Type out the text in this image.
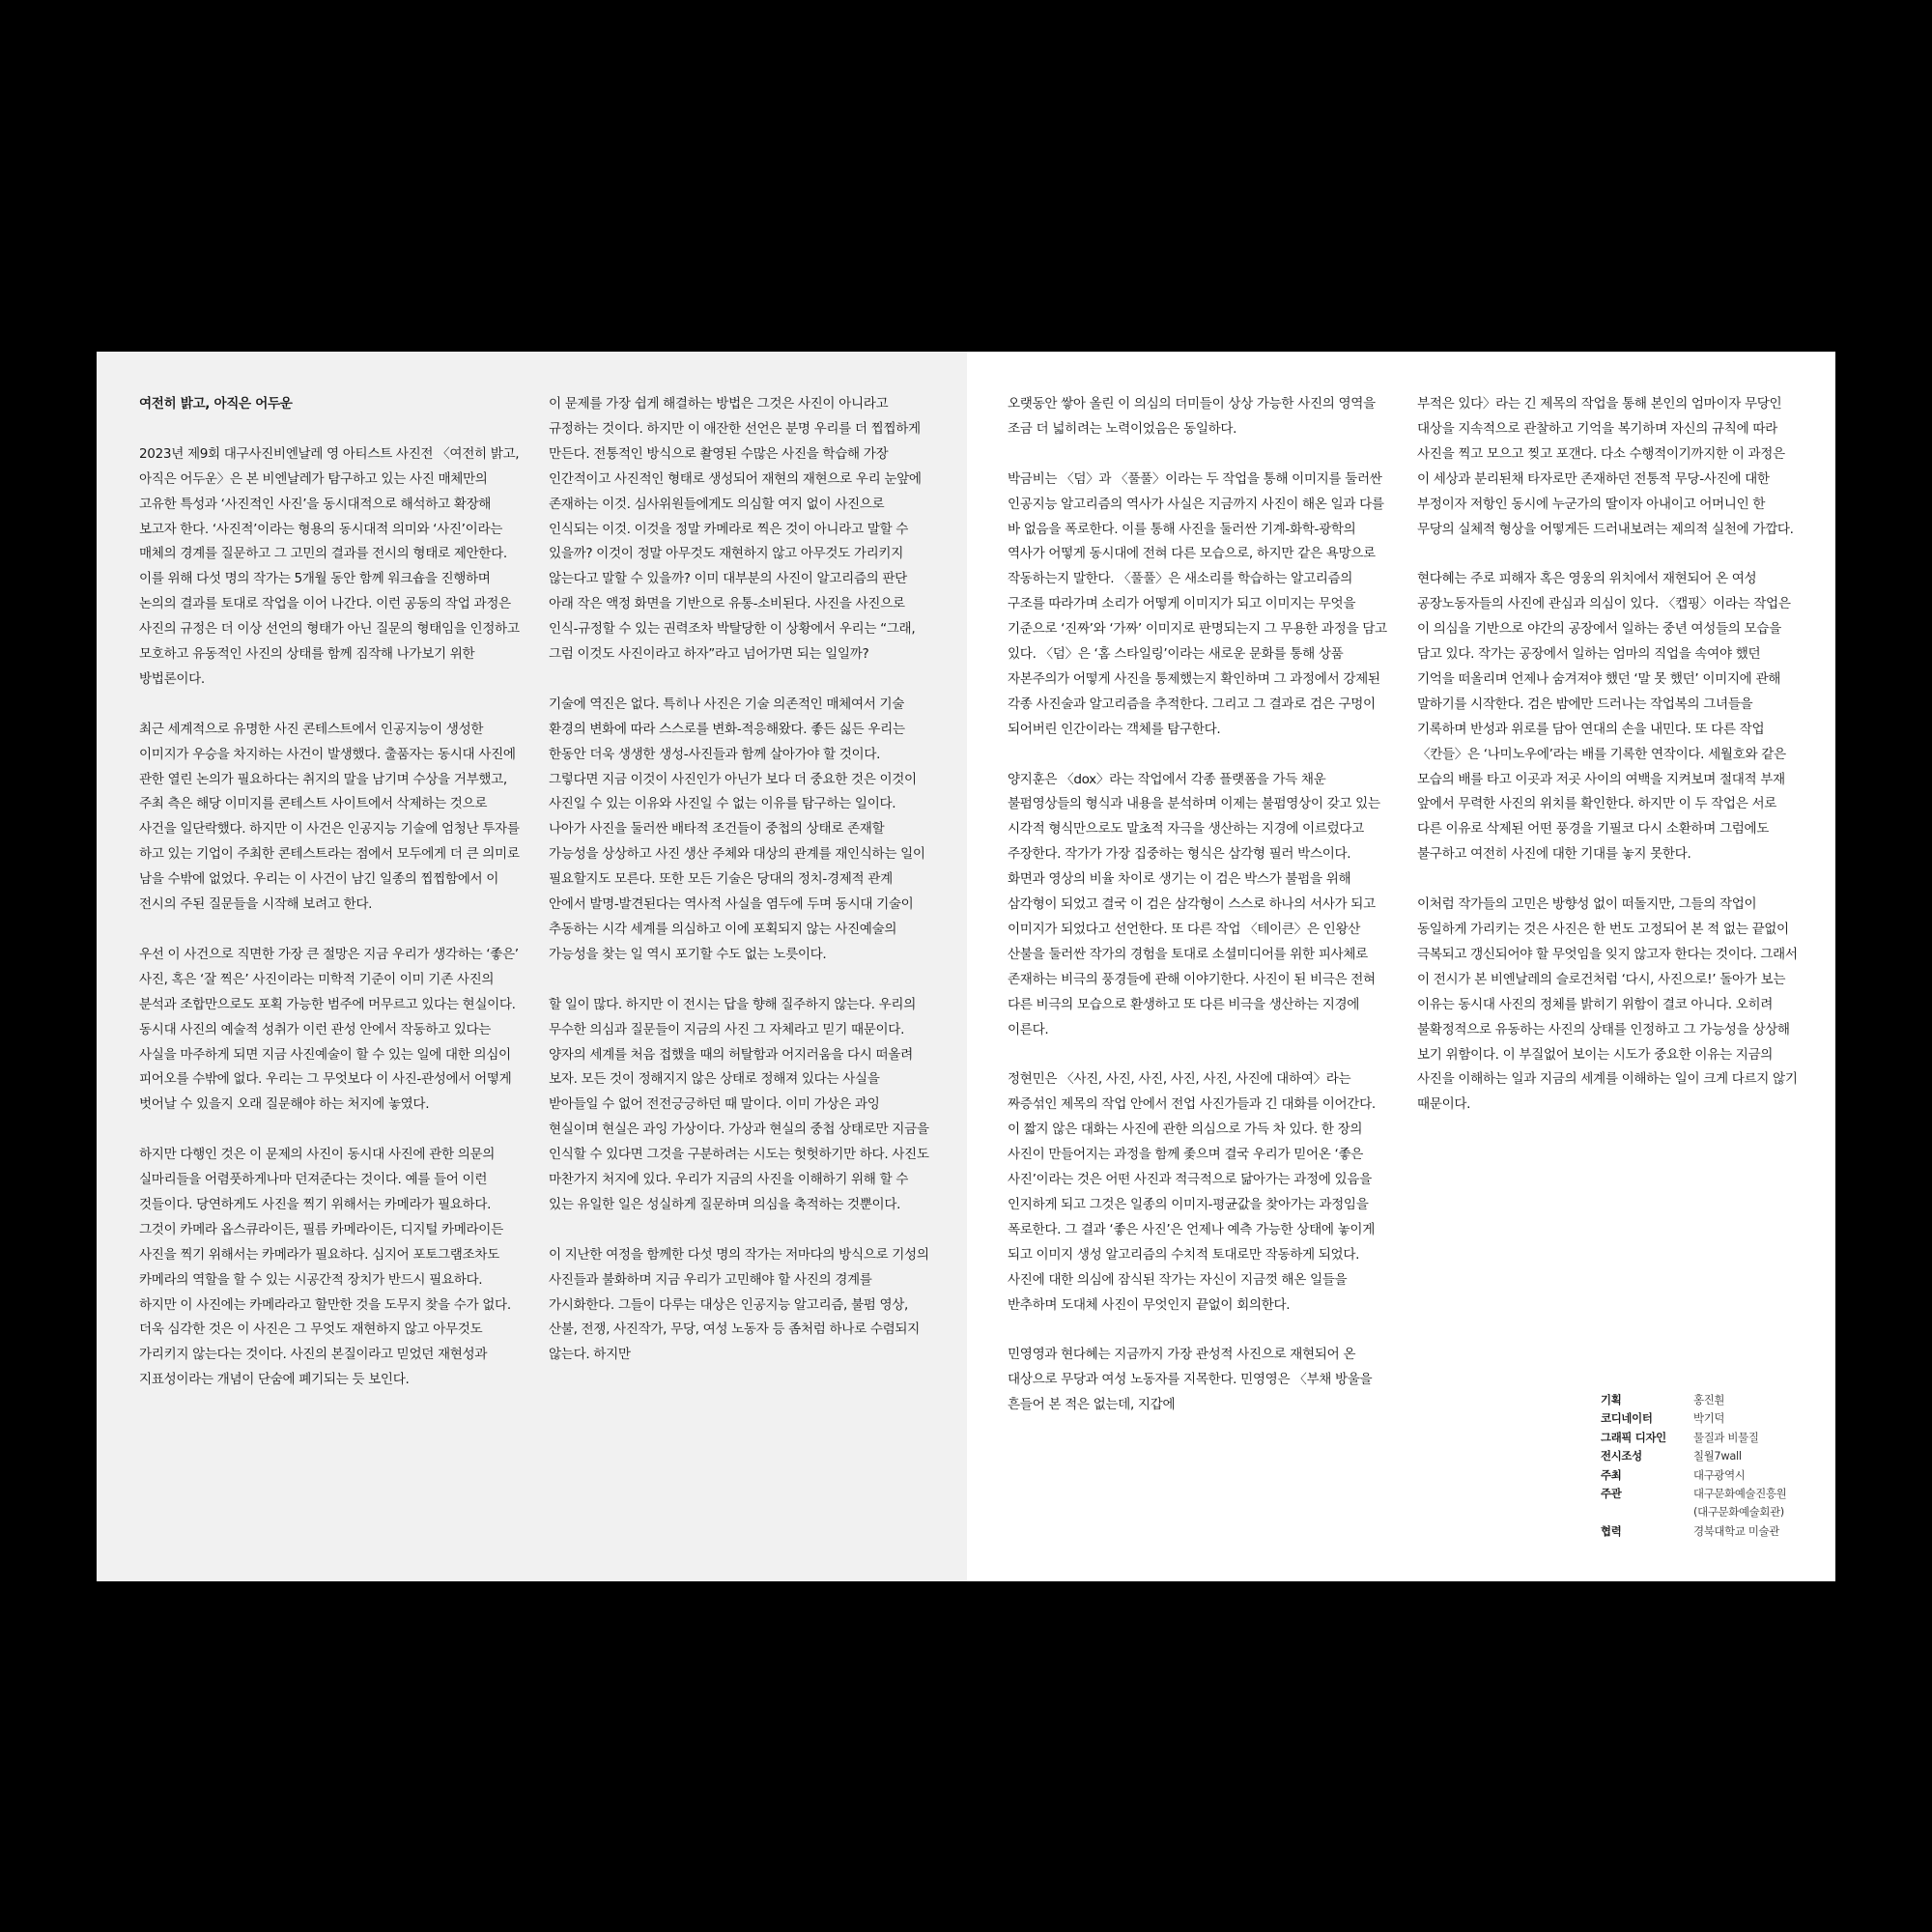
여전히 밝고, 아직은 어두운

2023년 제9회 대구사진비엔날레 영 아티스트 사진전 〈여전히 밝고, 아직은 어두운〉은 본 비엔날레가 탐구하고 있는 사진 매체만의 고유한 특성과 ‘사진적인 사진’을 동시대적으로 해석하고 확장해 보고자 한다. ‘사진적’이라는 형용의 동시대적 의미와 ‘사진’이라는 매체의 경계를 질문하고 그 고민의 결과를 전시의 형태로 제안한다. 이를 위해 다섯 명의 작가는 5개월 동안 함께 워크숍을 진행하며 논의의 결과를 토대로 작업을 이어 나간다. 이런 공동의 작업 과정은 사진의 규정은 더 이상 선언의 형태가 아닌 질문의 형태임을 인정하고 모호하고 유동적인 사진의 상태를 함께 짐작해 나가보기 위한 방법론이다.

최근 세계적으로 유명한 사진 콘테스트에서 인공지능이 생성한 이미지가 우승을 차지하는 사건이 발생했다. 출품자는 동시대 사진에 관한 열린 논의가 필요하다는 취지의 말을 남기며 수상을 거부했고, 주최 측은 해당 이미지를 콘테스트 사이트에서 삭제하는 것으로 사건을 일단락했다. 하지만 이 사건은 인공지능 기술에 엄청난 투자를 하고 있는 기업이 주최한 콘테스트라는 점에서 모두에게 더 큰 의미로 남을 수밖에 없었다. 우리는 이 사건이 남긴 일종의 찝찝함에서 이 전시의 주된 질문들을 시작해 보려고 한다.

우선 이 사건으로 직면한 가장 큰 절망은 지금 우리가 생각하는 ‘좋은’ 사진, 혹은 ‘잘 찍은’ 사진이라는 미학적 기준이 이미 기존 사진의 분석과 조합만으로도 포획 가능한 범주에 머무르고 있다는 현실이다. 동시대 사진의 예술적 성취가 이런 관성 안에서 작동하고 있다는 사실을 마주하게 되면 지금 사진예술이 할 수 있는 일에 대한 의심이 피어오를 수밖에 없다. 우리는 그 무엇보다 이 사진-관성에서 어떻게 벗어날 수 있을지 오래 질문해야 하는 처지에 놓였다.

하지만 다행인 것은 이 문제의 사진이 동시대 사진에 관한 의문의 실마리들을 어렴풋하게나마 던져준다는 것이다. 예를 들어 이런 것들이다. 당연하게도 사진을 찍기 위해서는 카메라가 필요하다. 그것이 카메라 옵스큐라이든, 필름 카메라이든, 디지털 카메라이든 사진을 찍기 위해서는 카메라가 필요하다. 심지어 포토그램조차도 카메라의 역할을 할 수 있는 시공간적 장치가 반드시 필요하다. 하지만 이 사진에는 카메라라고 할만한 것을 도무지 찾을 수가 없다. 더욱 심각한 것은 이 사진은 그 무엇도 재현하지 않고 아무것도 가리키지 않는다는 것이다. 사진의 본질이라고 믿었던 재현성과 지표성이라는 개념이 단숨에 폐기되는 듯 보인다.

이 문제를 가장 쉽게 해결하는 방법은 그것은 사진이 아니라고 규정하는 것이다. 하지만 이 애잔한 선언은 분명 우리를 더 찝찝하게 만든다. 전통적인 방식으로 촬영된 수많은 사진을 학습해 가장 인간적이고 사진적인 형태로 생성되어 재현의 재현으로 우리 눈앞에 존재하는 이것. 심사위원들에게도 의심할 여지 없이 사진으로 인식되는 이것. 이것을 정말 카메라로 찍은 것이 아니라고 말할 수 있을까? 이것이 정말 아무것도 재현하지 않고 아무것도 가리키지 않는다고 말할 수 있을까? 이미 대부분의 사진이 알고리즘의 판단 아래 작은 액정 화면을 기반으로 유통-소비된다. 사진을 사진으로 인식-규정할 수 있는 권력조차 박탈당한 이 상황에서 우리는 “그래, 그럼 이것도 사진이라고 하자”라고 넘어가면 되는 일일까?

기술에 역진은 없다. 특히나 사진은 기술 의존적인 매체여서 기술 환경의 변화에 따라 스스로를 변화-적응해왔다. 좋든 싫든 우리는 한동안 더욱 생생한 생성-사진들과 함께 살아가야 할 것이다. 그렇다면 지금 이것이 사진인가 아닌가 보다 더 중요한 것은 이것이 사진일 수 있는 이유와 사진일 수 없는 이유를 탐구하는 일이다. 나아가 사진을 둘러싼 배타적 조건들이 중첩의 상태로 존재할 가능성을 상상하고 사진 생산 주체와 대상의 관계를 재인식하는 일이 필요할지도 모른다. 또한 모든 기술은 당대의 정치-경제적 관계 안에서 발명-발견된다는 역사적 사실을 염두에 두며 동시대 기술이 추동하는 시각 세계를 의심하고 이에 포획되지 않는 사진예술의 가능성을 찾는 일 역시 포기할 수도 없는 노릇이다.

할 일이 많다. 하지만 이 전시는 답을 향해 질주하지 않는다. 우리의 무수한 의심과 질문들이 지금의 사진 그 자체라고 믿기 때문이다. 양자의 세계를 처음 접했을 때의 허탈함과 어지러움을 다시 떠올려 보자. 모든 것이 정해지지 않은 상태로 정해져 있다는 사실을 받아들일 수 없어 전전긍긍하던 때 말이다. 이미 가상은 과잉 현실이며 현실은 과잉 가상이다. 가상과 현실의 중첩 상태로만 지금을 인식할 수 있다면 그것을 구분하려는 시도는 헛헛하기만 하다. 사진도 마찬가지 처지에 있다. 우리가 지금의 사진을 이해하기 위해 할 수 있는 유일한 일은 성실하게 질문하며 의심을 축적하는 것뿐이다.

이 지난한 여정을 함께한 다섯 명의 작가는 저마다의 방식으로 기성의 사진들과 불화하며 지금 우리가 고민해야 할 사진의 경계를 가시화한다. 그들이 다루는 대상은 인공지능 알고리즘, 불펌 영상, 산불, 전쟁, 사진작가, 무당, 여성 노동자 등 좀처럼 하나로 수렴되지 않는다. 하지만

오랫동안 쌓아 올린 이 의심의 더미들이 상상 가능한 사진의 영역을 조금 더 넓히려는 노력이었음은 동일하다.

박금비는 〈덤〉과 〈풀풀〉이라는 두 작업을 통해 이미지를 둘러싼 인공지능 알고리즘의 역사가 사실은 지금까지 사진이 해온 일과 다를 바 없음을 폭로한다. 이를 통해 사진을 둘러싼 기계-화학-광학의 역사가 어떻게 동시대에 전혀 다른 모습으로, 하지만 같은 욕망으로 작동하는지 말한다. 〈풀풀〉은 새소리를 학습하는 알고리즘의 구조를 따라가며 소리가 어떻게 이미지가 되고 이미지는 무엇을 기준으로 ‘진짜’와 ‘가짜’ 이미지로 판명되는지 그 무용한 과정을 담고 있다. 〈덤〉은 ‘홈 스타일링’이라는 새로운 문화를 통해 상품 자본주의가 어떻게 사진을 통제했는지 확인하며 그 과정에서 강제된 각종 사진술과 알고리즘을 추적한다. 그리고 그 결과로 검은 구멍이 되어버린 인간이라는 객체를 탐구한다.

양지훈은 〈dox〉라는 작업에서 각종 플랫폼을 가득 채운 불펌영상들의 형식과 내용을 분석하며 이제는 불펌영상이 갖고 있는 시각적 형식만으로도 말초적 자극을 생산하는 지경에 이르렀다고 주장한다. 작가가 가장 집중하는 형식은 삼각형 필러 박스이다. 화면과 영상의 비율 차이로 생기는 이 검은 박스가 불펌을 위해 삼각형이 되었고 결국 이 검은 삼각형이 스스로 하나의 서사가 되고 이미지가 되었다고 선언한다. 또 다른 작업 〈테이큰〉은 인왕산 산불을 둘러싼 작가의 경험을 토대로 소셜미디어를 위한 피사체로 존재하는 비극의 풍경들에 관해 이야기한다. 사진이 된 비극은 전혀 다른 비극의 모습으로 환생하고 또 다른 비극을 생산하는 지경에 이른다.

정현민은 〈사진, 사진, 사진, 사진, 사진, 사진에 대하여〉라는 짜증섞인 제목의 작업 안에서 전업 사진가들과 긴 대화를 이어간다. 이 짧지 않은 대화는 사진에 관한 의심으로 가득 차 있다. 한 장의 사진이 만들어지는 과정을 함께 좇으며 결국 우리가 믿어온 ‘좋은 사진’이라는 것은 어떤 사진과 적극적으로 닮아가는 과정에 있음을 인지하게 되고 그것은 일종의 이미지-평균값을 찾아가는 과정임을 폭로한다. 그 결과 ‘좋은 사진’은 언제나 예측 가능한 상태에 놓이게 되고 이미지 생성 알고리즘의 수치적 토대로만 작동하게 되었다. 사진에 대한 의심에 잠식된 작가는 자신이 지금껏 해온 일들을 반추하며 도대체 사진이 무엇인지 끝없이 회의한다.

민영영과 현다혜는 지금까지 가장 관성적 사진으로 재현되어 온 대상으로 무당과 여성 노동자를 지목한다. 민영영은 〈부채 방울을 흔들어 본 적은 없는데, 지갑에

부적은 있다〉라는 긴 제목의 작업을 통해 본인의 엄마이자 무당인 대상을 지속적으로 관찰하고 기억을 복기하며 자신의 규칙에 따라 사진을 찍고 모으고 찢고 포갠다. 다소 수행적이기까지한 이 과정은 이 세상과 분리된채 타자로만 존재하던 전통적 무당-사진에 대한 부정이자 저항인 동시에 누군가의 딸이자 아내이고 어머니인 한 무당의 실체적 형상을 어떻게든 드러내보려는 제의적 실천에 가깝다.

현다혜는 주로 피해자 혹은 영웅의 위치에서 재현되어 온 여성 공장노동자들의 사진에 관심과 의심이 있다. 〈캡핑〉이라는 작업은 이 의심을 기반으로 야간의 공장에서 일하는 중년 여성들의 모습을 담고 있다. 작가는 공장에서 일하는 엄마의 직업을 속여야 했던 기억을 떠올리며 언제나 숨겨져야 했던 ‘말 못 했던’ 이미지에 관해 말하기를 시작한다. 검은 밤에만 드러나는 작업복의 그녀들을 기록하며 반성과 위로를 담아 연대의 손을 내민다. 또 다른 작업 〈칸들〉은 ‘나미노우에’라는 배를 기록한 연작이다. 세월호와 같은 모습의 배를 타고 이곳과 저곳 사이의 여백을 지켜보며 절대적 부재 앞에서 무력한 사진의 위치를 확인한다. 하지만 이 두 작업은 서로 다른 이유로 삭제된 어떤 풍경을 기필코 다시 소환하며 그럼에도 불구하고 여전히 사진에 대한 기대를 놓지 못한다.

이처럼 작가들의 고민은 방향성 없이 떠돌지만, 그들의 작업이 동일하게 가리키는 것은 사진은 한 번도 고정되어 본 적 없는 끝없이 극복되고 갱신되어야 할 무엇임을 잊지 않고자 한다는 것이다. 그래서 이 전시가 본 비엔날레의 슬로건처럼 ‘다시, 사진으로!’ 돌아가 보는 이유는 동시대 사진의 정체를 밝히기 위함이 결코 아니다. 오히려 불확정적으로 유동하는 사진의 상태를 인정하고 그 가능성을 상상해 보기 위함이다. 이 부질없어 보이는 시도가 중요한 이유는 지금의 사진을 이해하는 일과 지금의 세계를 이해하는 일이 크게 다르지 않기 때문이다.

기획	홍진훤
코디네이터	박기덕
그래픽 디자인	물질과 비물질
전시조성	칠월7wall
주최	대구광역시
주관	대구문화예술진흥원
(대구문화예술회관)
협력	경북대학교 미술관
